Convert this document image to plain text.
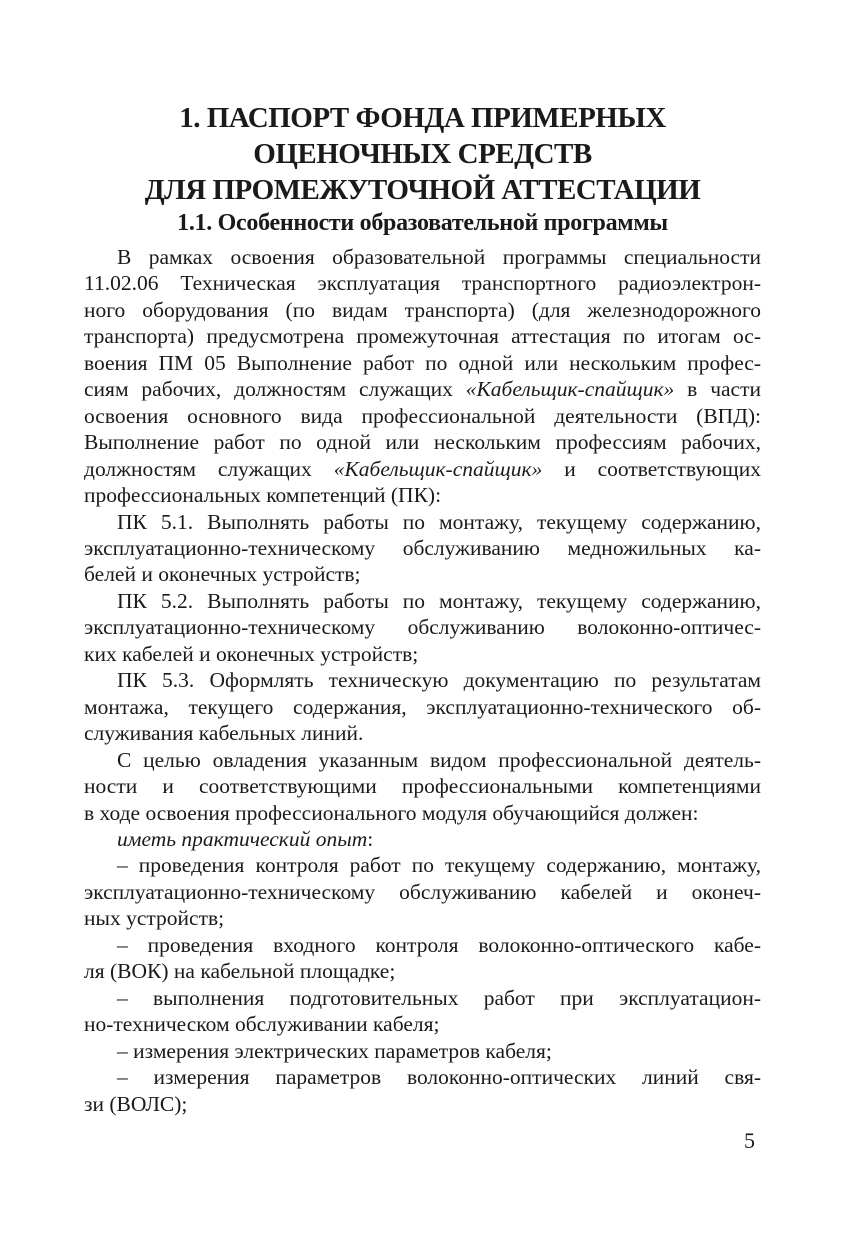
1. ПАСПОРТ ФОНДА ПРИМЕРНЫХ
ОЦЕНОЧНЫХ СРЕДСТВ
ДЛЯ ПРОМЕЖУТОЧНОЙ АТТЕСТАЦИИ
1.1. Особенности образовательной программы
В рамках освоения образовательной программы специальности
11.02.06 Техническая эксплуатация транспортного радиоэлектрон-
ного оборудования (по видам транспорта) (для железнодорожного
транспорта) предусмотрена промежуточная аттестация по итогам ос-
воения ПМ 05 Выполнение работ по одной или нескольким профес-
сиям рабочих, должностям служащих «Кабельщик-спайщик» в части
освоения основного вида профессиональной деятельности (ВПД):
Выполнение работ по одной или нескольким профессиям рабочих,
должностям служащих «Кабельщик-спайщик» и соответствующих
профессиональных компетенций (ПК):
ПК 5.1. Выполнять работы по монтажу, текущему содержанию,
эксплуатационно-техническому обслуживанию медножильных ка-
белей и оконечных устройств;
ПК 5.2. Выполнять работы по монтажу, текущему содержанию,
эксплуатационно-техническому обслуживанию волоконно-оптичес-
ких кабелей и оконечных устройств;
ПК 5.3. Оформлять техническую документацию по результатам
монтажа, текущего содержания, эксплуатационно-технического об-
служивания кабельных линий.
С целью овладения указанным видом профессиональной деятель-
ности и соответствующими профессиональными компетенциями
в ходе освоения профессионального модуля обучающийся должен:
иметь практический опыт:
– проведения контроля работ по текущему содержанию, монтажу,
эксплуатационно-техническому обслуживанию кабелей и оконеч-
ных устройств;
– проведения входного контроля волоконно-оптического кабе-
ля (ВОК) на кабельной площадке;
– выполнения подготовительных работ при эксплуатацион-
но-техническом обслуживании кабеля;
– измерения электрических параметров кабеля;
– измерения параметров волоконно-оптических линий свя-
зи (ВОЛС);
5
